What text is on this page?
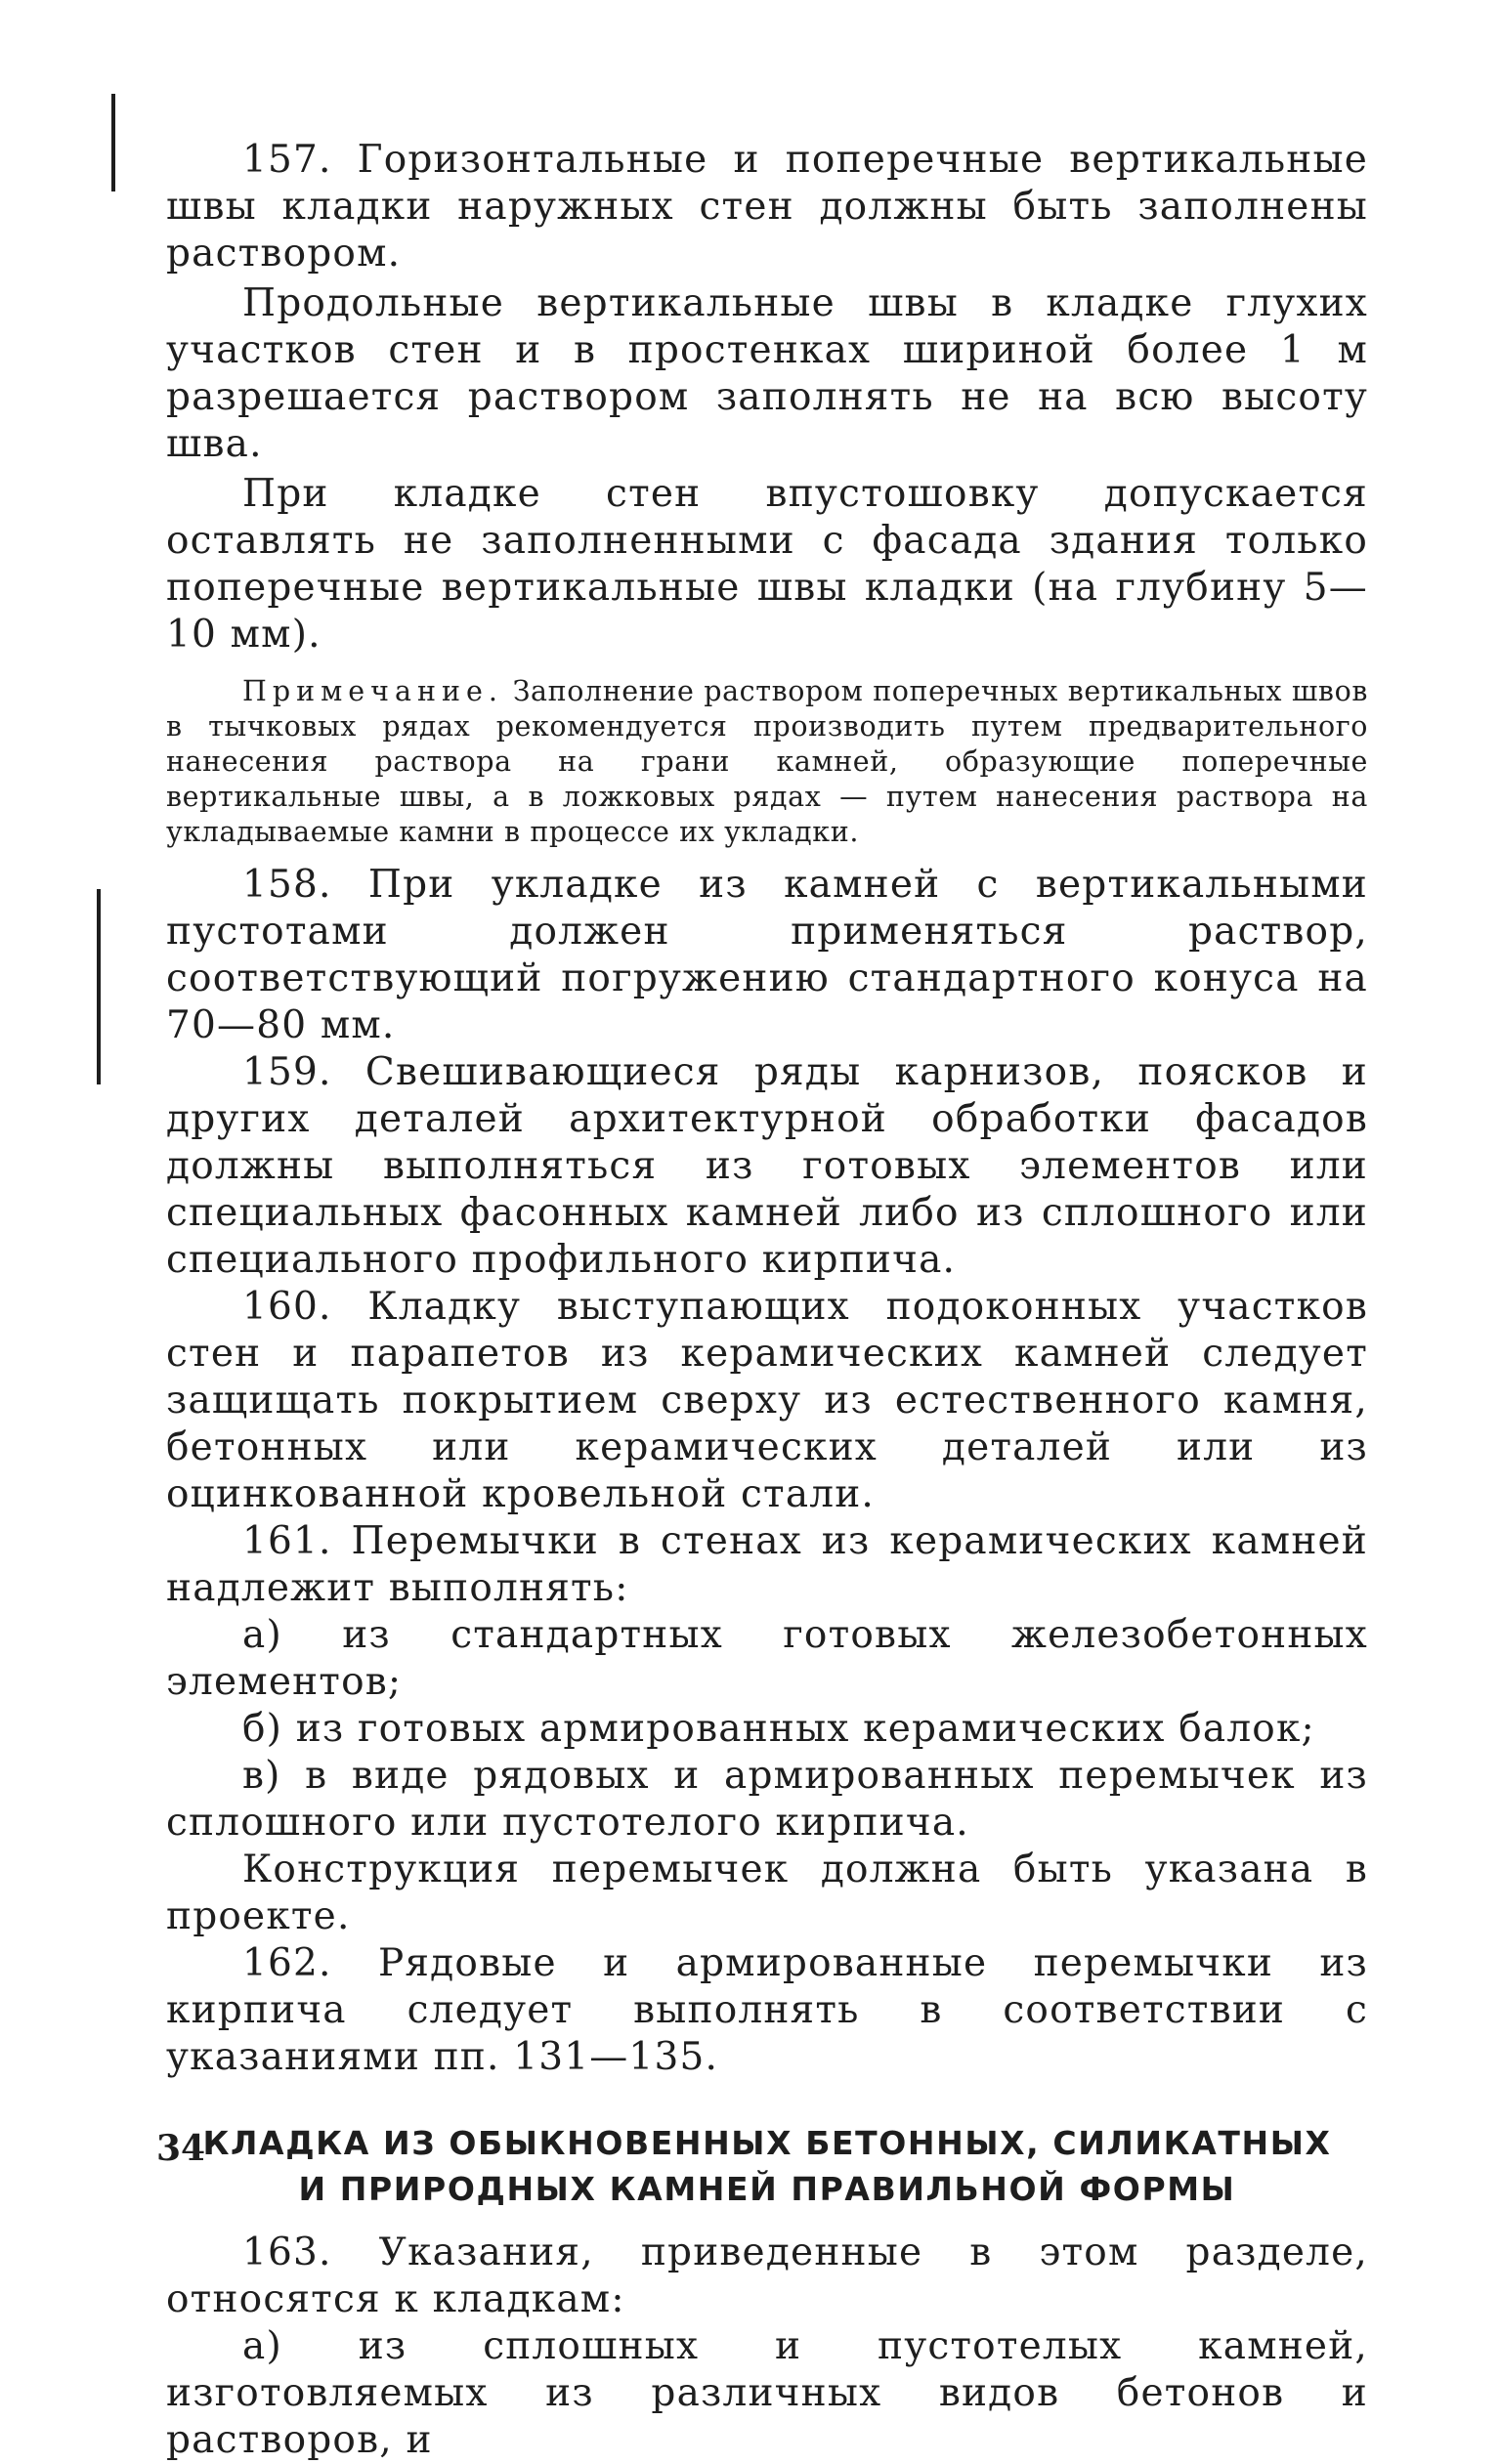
157. Горизонтальные и поперечные вертикальные швы кладки наружных стен должны быть заполнены раствором.

Продольные вертикальные швы в кладке глухих участков стен и в простенках шириной более 1 м разрешается раствором заполнять не на всю высоту шва.

При кладке стен впустошовку допускается оставлять не заполненными с фасада здания только поперечные вертикальные швы кладки (на глубину 5—10 мм).

Примечание. Заполнение раствором поперечных вертикальных швов в тычковых рядах рекомендуется производить путем предварительного нанесения раствора на грани камней, образующие поперечные вертикальные швы, а в ложковых рядах — путем нанесения раствора на укладываемые камни в процессе их укладки.

158. При укладке из камней с вертикальными пустотами должен применяться раствор, соответствующий погружению стандартного конуса на 70—80 мм.

159. Свешивающиеся ряды карнизов, поясков и других деталей архитектурной обработки фасадов должны выполняться из готовых элементов или специальных фасонных камней либо из сплошного или специального профильного кирпича.

160. Кладку выступающих подоконных участков стен и парапетов из керамических камней следует защищать покрытием сверху из естественного камня, бетонных или керамических деталей или из оцинкованной кровельной стали.

161. Перемычки в стенах из керамических камней надлежит выполнять:

а) из стандартных готовых железобетонных элементов;

б) из готовых армированных керамических балок;

в) в виде рядовых и армированных перемычек из сплошного или пустотелого кирпича.

Конструкция перемычек должна быть указана в проекте.

162. Рядовые и армированные перемычки из кирпича следует выполнять в соответствии с указаниями пп. 131—135.

КЛАДКА ИЗ ОБЫКНОВЕННЫХ БЕТОННЫХ, СИЛИКАТНЫХ
И ПРИРОДНЫХ КАМНЕЙ ПРАВИЛЬНОЙ ФОРМЫ

163. Указания, приведенные в этом разделе, относятся к кладкам:

а) из сплошных и пустотелых камней, изготовляемых из различных видов бетонов и растворов, и

34
